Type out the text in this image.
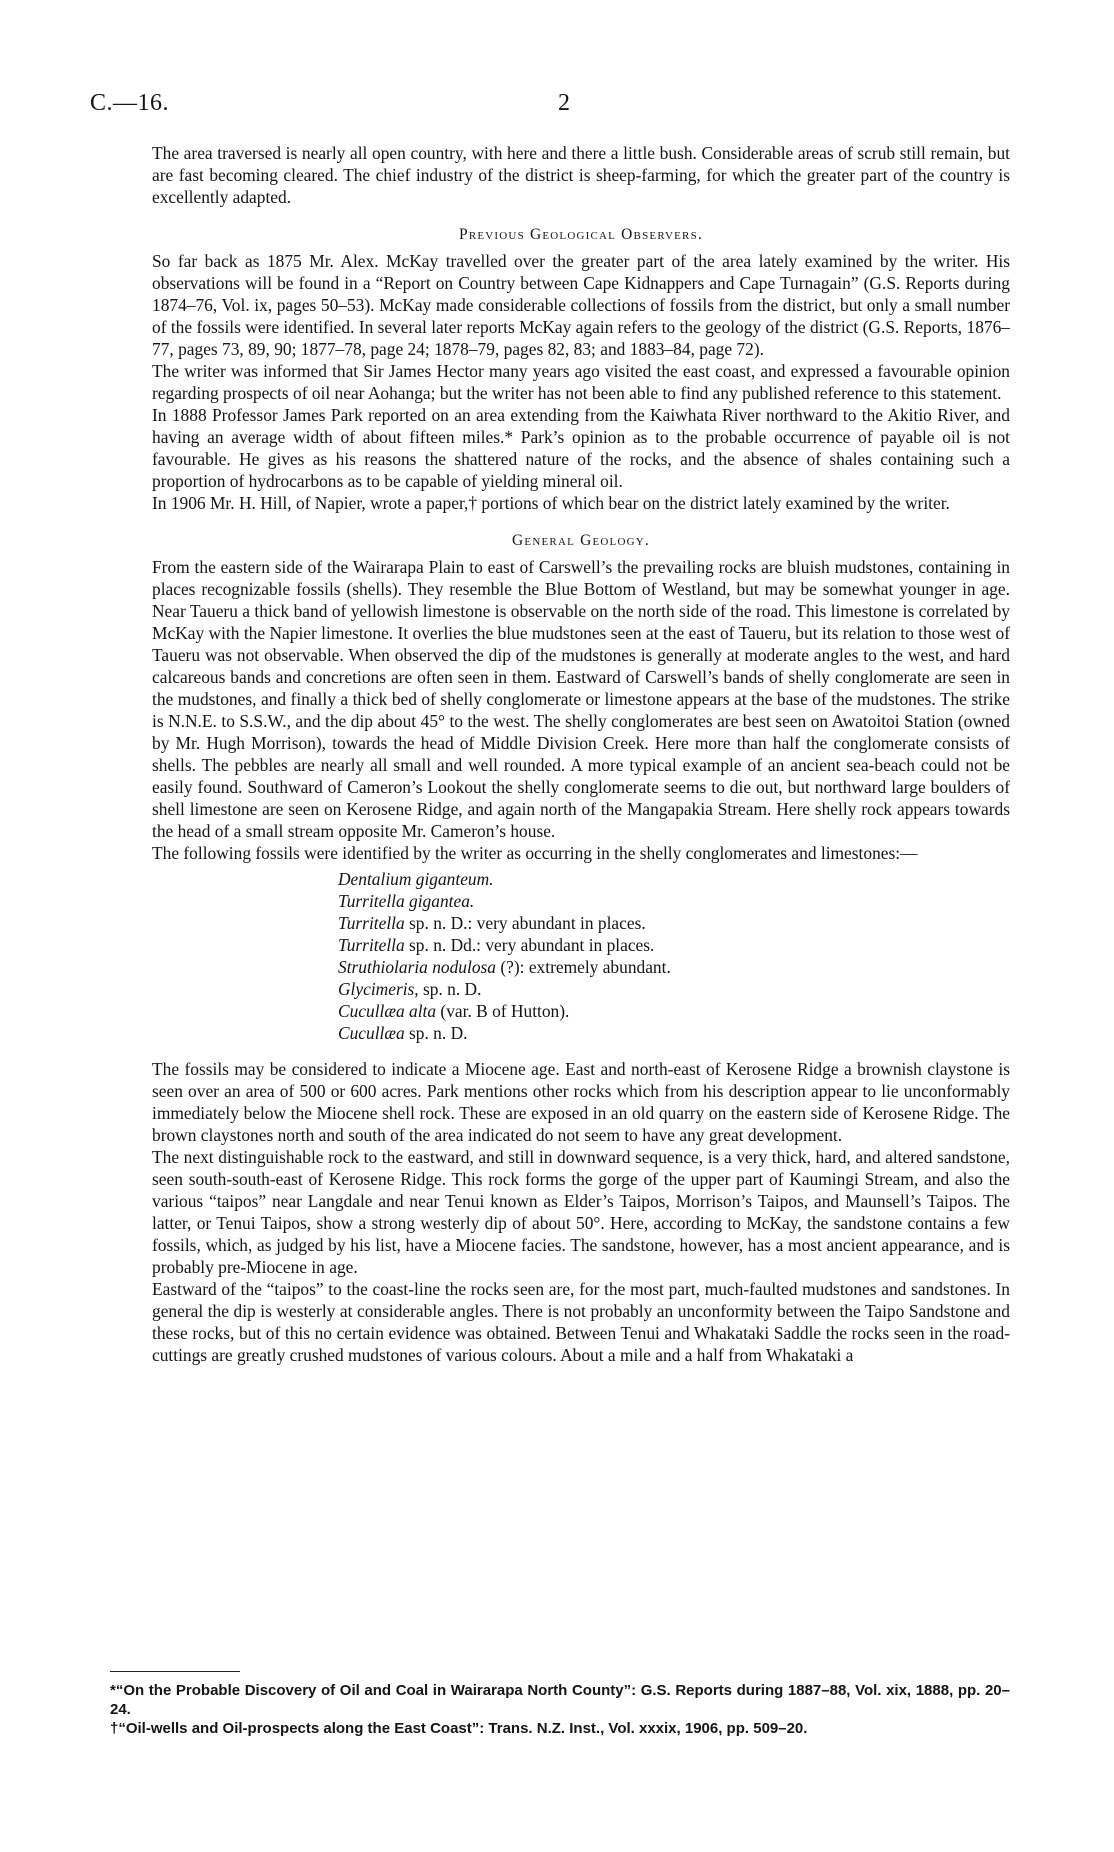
C.—16.	2

The area traversed is nearly all open country, with here and there a little bush. Considerable areas of scrub still remain, but are fast becoming cleared. The chief industry of the district is sheep-farming, for which the greater part of the country is excellently adapted.

Previous Geological Observers.

So far back as 1875 Mr. Alex. McKay travelled over the greater part of the area lately examined by the writer. His observations will be found in a “Report on Country between Cape Kidnappers and Cape Turnagain” (G.S. Reports during 1874–76, Vol. ix, pages 50–53). McKay made considerable collections of fossils from the district, but only a small number of the fossils were identified. In several later reports McKay again refers to the geology of the district (G.S. Reports, 1876–77, pages 73, 89, 90; 1877–78, page 24; 1878–79, pages 82, 83; and 1883–84, page 72).

The writer was informed that Sir James Hector many years ago visited the east coast, and expressed a favourable opinion regarding prospects of oil near Aohanga; but the writer has not been able to find any published reference to this statement.

In 1888 Professor James Park reported on an area extending from the Kaiwhata River northward to the Akitio River, and having an average width of about fifteen miles.* Park’s opinion as to the probable occurrence of payable oil is not favourable. He gives as his reasons the shattered nature of the rocks, and the absence of shales containing such a proportion of hydrocarbons as to be capable of yielding mineral oil.

In 1906 Mr. H. Hill, of Napier, wrote a paper,† portions of which bear on the district lately examined by the writer.

General Geology.

From the eastern side of the Wairarapa Plain to east of Carswell’s the prevailing rocks are bluish mudstones, containing in places recognizable fossils (shells). They resemble the Blue Bottom of Westland, but may be somewhat younger in age. Near Taueru a thick band of yellowish limestone is observable on the north side of the road. This limestone is correlated by McKay with the Napier limestone. It overlies the blue mudstones seen at the east of Taueru, but its relation to those west of Taueru was not observable. When observed the dip of the mudstones is generally at moderate angles to the west, and hard calcareous bands and concretions are often seen in them. Eastward of Carswell’s bands of shelly conglomerate are seen in the mudstones, and finally a thick bed of shelly conglomerate or limestone appears at the base of the mudstones. The strike is N.N.E. to S.S.W., and the dip about 45° to the west. The shelly conglomerates are best seen on Awatoitoi Station (owned by Mr. Hugh Morrison), towards the head of Middle Division Creek. Here more than half the conglomerate consists of shells. The pebbles are nearly all small and well rounded. A more typical example of an ancient sea-beach could not be easily found. Southward of Cameron’s Lookout the shelly conglomerate seems to die out, but northward large boulders of shell limestone are seen on Kerosene Ridge, and again north of the Mangapakia Stream. Here shelly rock appears towards the head of a small stream opposite Mr. Cameron’s house.

The following fossils were identified by the writer as occurring in the shelly conglomerates and limestones:—

Dentalium giganteum.
Turritella gigantea.
Turritella sp. n. D.: very abundant in places.
Turritella sp. n. Dd.: very abundant in places.
Struthiolaria nodulosa (?): extremely abundant.
Glycimeris, sp. n. D.
Cucullæa alta (var. B of Hutton).
Cucullæa sp. n. D.

The fossils may be considered to indicate a Miocene age. East and north-east of Kerosene Ridge a brownish claystone is seen over an area of 500 or 600 acres. Park mentions other rocks which from his description appear to lie unconformably immediately below the Miocene shell rock. These are exposed in an old quarry on the eastern side of Kerosene Ridge. The brown claystones north and south of the area indicated do not seem to have any great development.

The next distinguishable rock to the eastward, and still in downward sequence, is a very thick, hard, and altered sandstone, seen south-south-east of Kerosene Ridge. This rock forms the gorge of the upper part of Kaumingi Stream, and also the various “taipos” near Langdale and near Tenui known as Elder’s Taipos, Morrison’s Taipos, and Maunsell’s Taipos. The latter, or Tenui Taipos, show a strong westerly dip of about 50°. Here, according to McKay, the sandstone contains a few fossils, which, as judged by his list, have a Miocene facies. The sandstone, however, has a most ancient appearance, and is probably pre-Miocene in age.

Eastward of the “taipos” to the coast-line the rocks seen are, for the most part, much-faulted mudstones and sandstones. In general the dip is westerly at considerable angles. There is not probably an unconformity between the Taipo Sandstone and these rocks, but of this no certain evidence was obtained. Between Tenui and Whakataki Saddle the rocks seen in the road-cuttings are greatly crushed mudstones of various colours. About a mile and a half from Whakataki a

*“On the Probable Discovery of Oil and Coal in Wairarapa North County”: G.S. Reports during 1887–88, Vol. xix, 1888, pp. 20–24.

†“Oil-wells and Oil-prospects along the East Coast”: Trans. N.Z. Inst., Vol. xxxix, 1906, pp. 509–20.
